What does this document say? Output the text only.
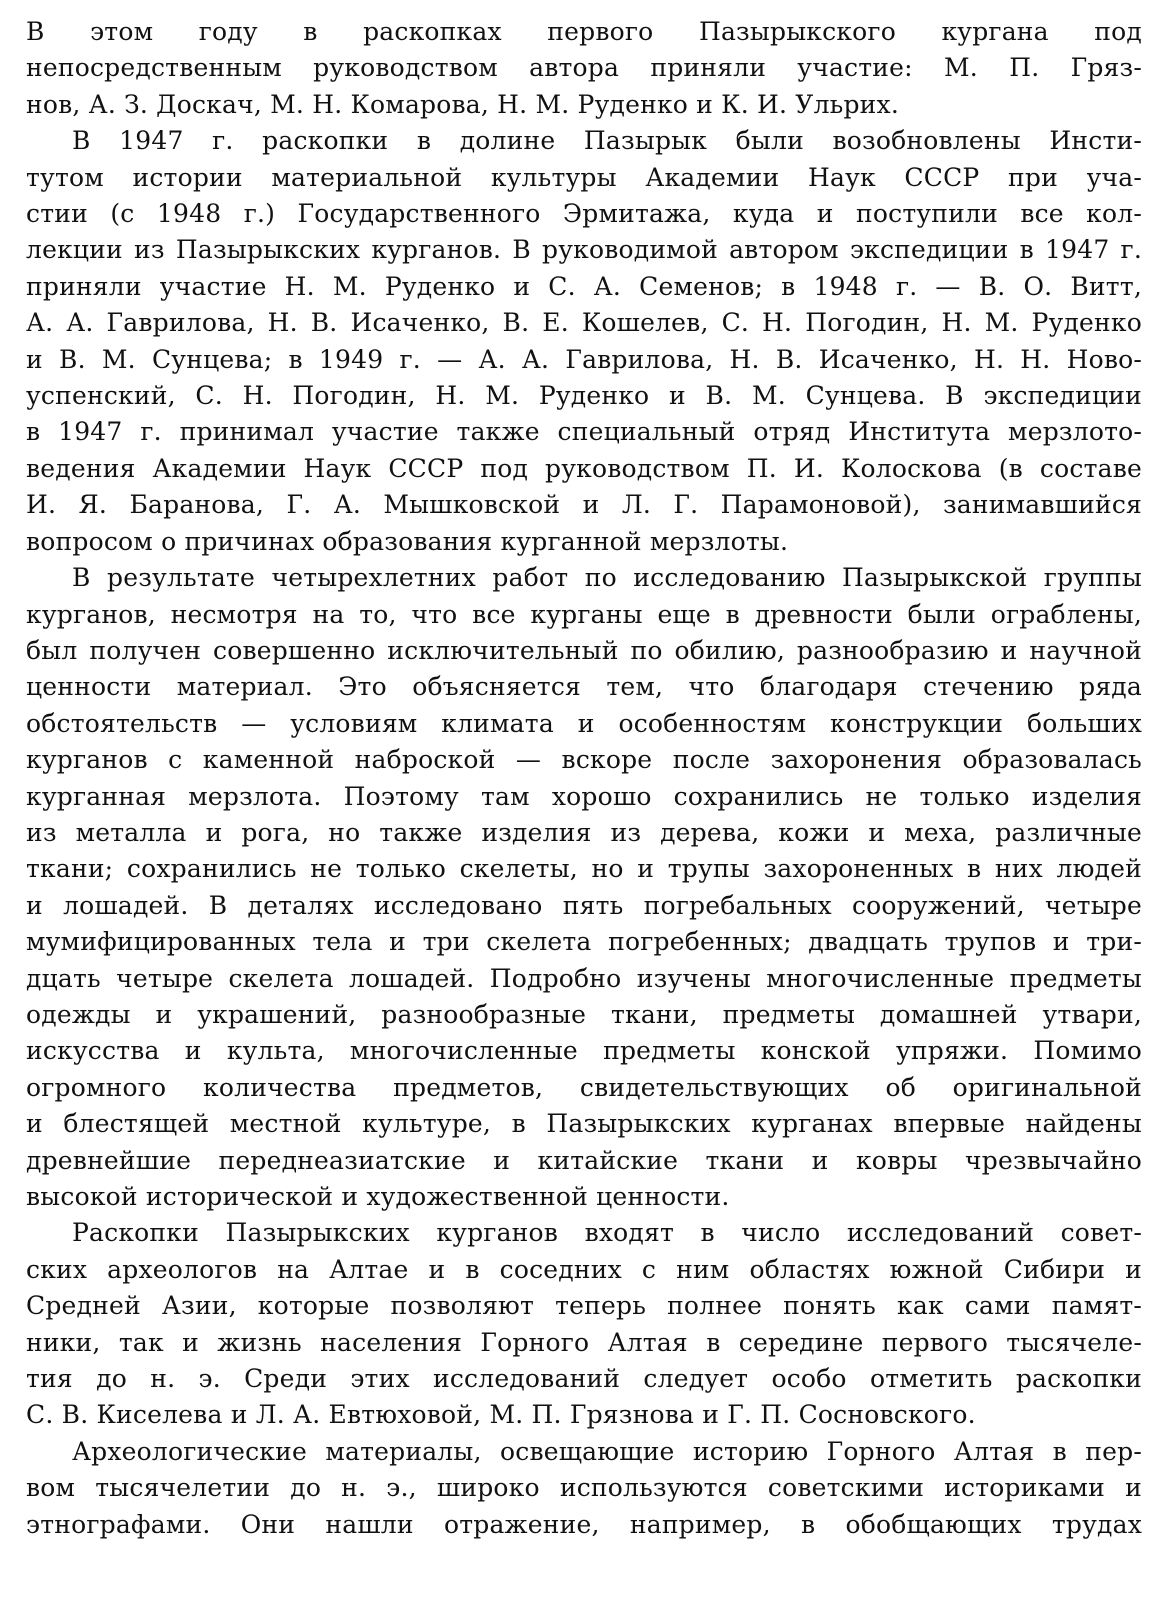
В этом году в раскопках первого Пазырыкского кургана под
непосредственным руководством автора приняли участие: М. П. Гряз-
нов, А. З. Доскач, М. Н. Комарова, Н. М. Руденко и К. И. Ульрих.
В 1947 г. раскопки в долине Пазырык были возобновлены Инсти-
тутом истории материальной культуры Академии Наук СССР при уча-
стии (с 1948 г.) Государственного Эрмитажа, куда и поступили все кол-
лекции из Пазырыкских курганов. В руководимой автором экспедиции в 1947 г.
приняли участие Н. М. Руденко и С. А. Семенов; в 1948 г. — В. О. Витт,
А. А. Гаврилова, Н. В. Исаченко, В. Е. Кошелев, С. Н. Погодин, Н. М. Руденко
и В. М. Сунцева; в 1949 г. — А. А. Гаврилова, Н. В. Исаченко, Н. Н. Ново-
успенский, С. Н. Погодин, Н. М. Руденко и В. М. Сунцева. В экспедиции
в 1947 г. принимал участие также специальный отряд Института мерзлото-
ведения Академии Наук СССР под руководством П. И. Колоскова (в составе
И. Я. Баранова, Г. А. Мышковской и Л. Г. Парамоновой), занимавшийся
вопросом о причинах образования курганной мерзлоты.
В результате четырехлетних работ по исследованию Пазырыкской группы
курганов, несмотря на то, что все курганы еще в древности были ограблены,
был получен совершенно исключительный по обилию, разнообразию и научной
ценности материал. Это объясняется тем, что благодаря стечению ряда
обстоятельств — условиям климата и особенностям конструкции больших
курганов с каменной наброской — вскоре после захоронения образовалась
курганная мерзлота. Поэтому там хорошо сохранились не только изделия
из металла и рога, но также изделия из дерева, кожи и меха, различные
ткани; сохранились не только скелеты, но и трупы захороненных в них людей
и лошадей. В деталях исследовано пять погребальных сооружений, четыре
мумифицированных тела и три скелета погребенных; двадцать трупов и три-
дцать четыре скелета лошадей. Подробно изучены многочисленные предметы
одежды и украшений, разнообразные ткани, предметы домашней утвари,
искусства и культа, многочисленные предметы конской упряжи. Помимо
огромного количества предметов, свидетельствующих об оригинальной
и блестящей местной культуре, в Пазырыкских курганах впервые найдены
древнейшие переднеазиатские и китайские ткани и ковры чрезвычайно
высокой исторической и художественной ценности.
Раскопки Пазырыкских курганов входят в число исследований совет-
ских археологов на Алтае и в соседних с ним областях южной Сибири и
Средней Азии, которые позволяют теперь полнее понять как сами памят-
ники, так и жизнь населения Горного Алтая в середине первого тысячеле-
тия до н. э. Среди этих исследований следует особо отметить раскопки
С. В. Киселева и Л. А. Евтюховой, М. П. Грязнова и Г. П. Сосновского.
Археологические материалы, освещающие историю Горного Алтая в пер-
вом тысячелетии до н. э., широко используются советскими историками и
этнографами. Они нашли отражение, например, в обобщающих трудах
